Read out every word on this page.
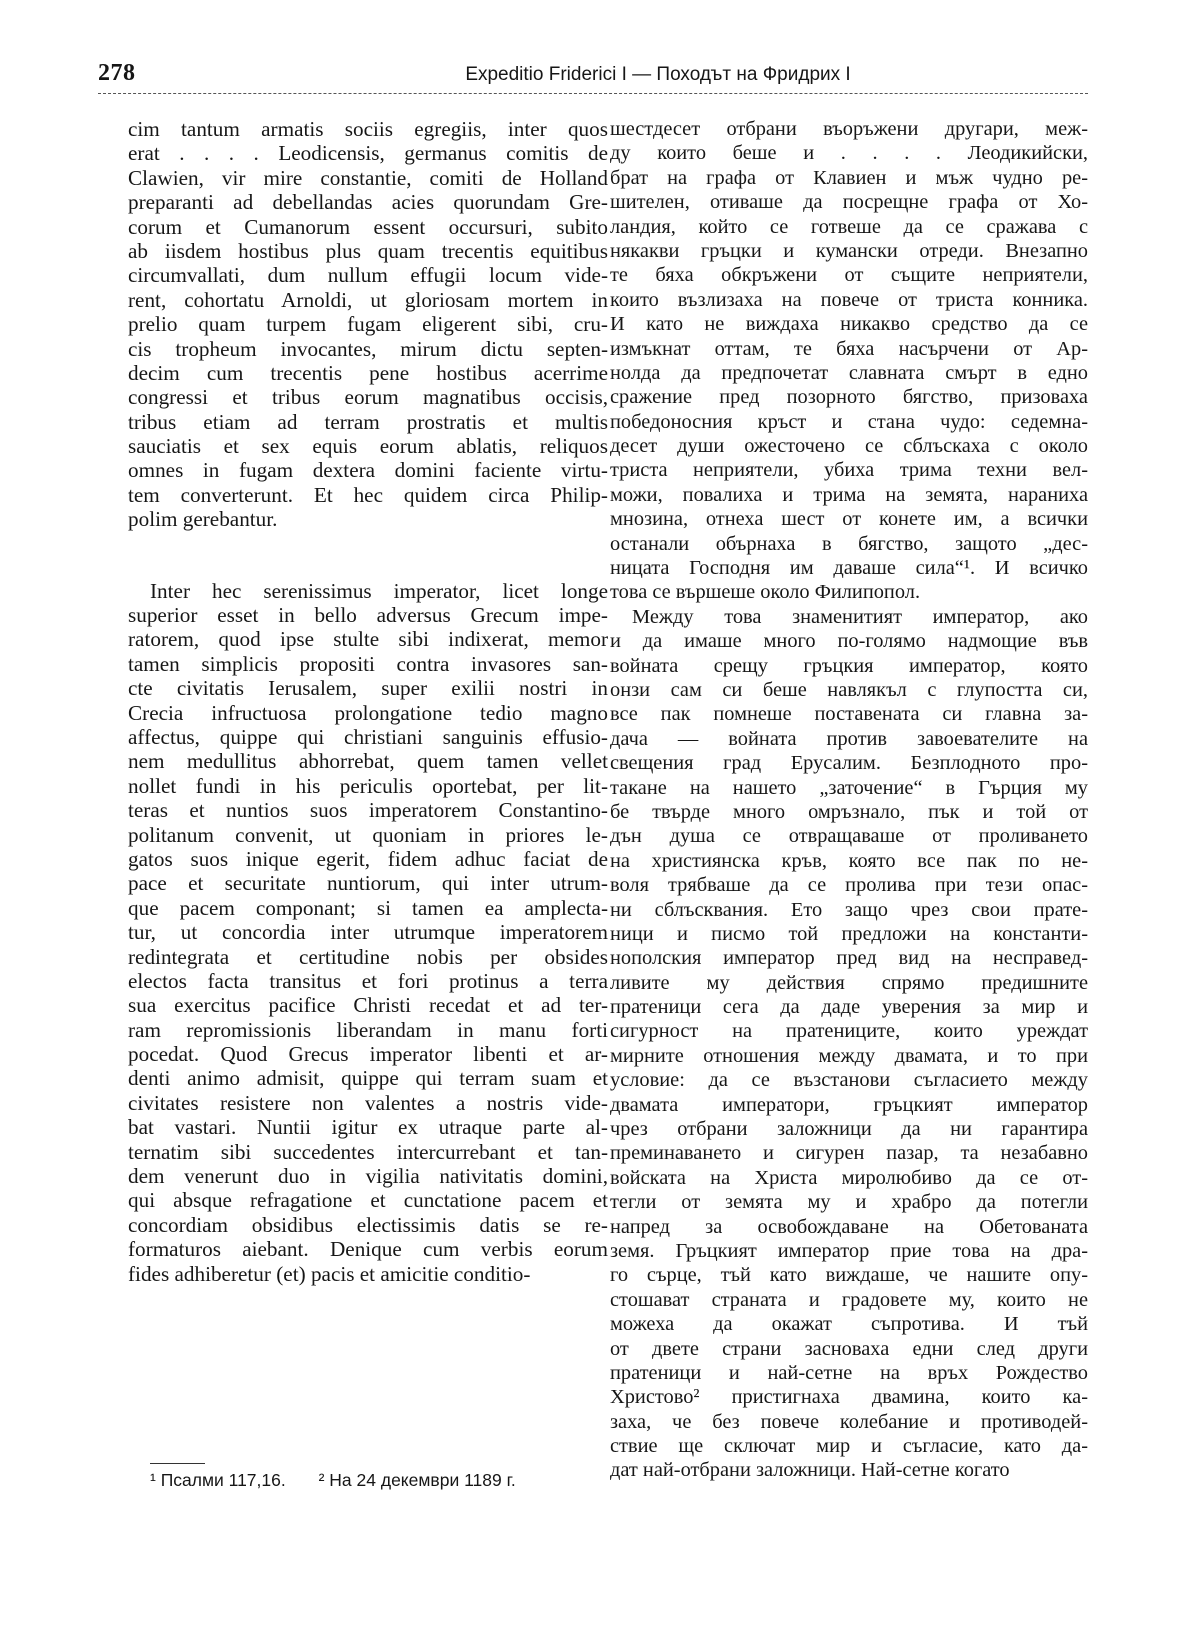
278	Expeditio Friderici I — Походът на Фридрих I
cim tantum armatis sociis egregiis, inter quos
erat . . . . Leodicensis, germanus comitis de
Clawien, vir mire constantie, comiti de Holland
preparanti ad debellandas acies quorundam Gre-
corum et Cumanorum essent occursuri, subito
ab iisdem hostibus plus quam trecentis equitibus
circumvallati, dum nullum effugii locum vide-
rent, cohortatu Arnoldi, ut gloriosam mortem in
prelio quam turpem fugam eligerent sibi, cru-
cis tropheum invocantes, mirum dictu septen-
decim cum trecentis pene hostibus acerrime
congressi et tribus eorum magnatibus occisis,
tribus etiam ad terram prostratis et multis
sauciatis et sex equis eorum ablatis, reliquos
omnes in fugam dextera domini faciente virtu-
tem converterunt. Et hec quidem circa Philip-
polim gerebantur.
Inter hec serenissimus imperator, licet longe
superior esset in bello adversus Grecum impe-
ratorem, quod ipse stulte sibi indixerat, memor
tamen simplicis propositi contra invasores san-
cte civitatis Ierusalem, super exilii nostri in
Crecia infructuosa prolongatione tedio magno
affectus, quippe qui christiani sanguinis effusio-
nem medullitus abhorrebat, quem tamen vellet
nollet fundi in his periculis oportebat, per lit-
teras et nuntios suos imperatorem Constantino-
politanum convenit, ut quoniam in priores le-
gatos suos inique egerit, fidem adhuc faciat de
pace et securitate nuntiorum, qui inter utrum-
que pacem componant; si tamen ea amplecta-
tur, ut concordia inter utrumque imperatorem
redintegrata et certitudine nobis per obsides
electos facta transitus et fori protinus a terra
sua exercitus pacifice Christi recedat et ad ter-
ram repromissionis liberandam in manu forti
pocedat. Quod Grecus imperator libenti et ar-
denti animo admisit, quippe qui terram suam et
civitates resistere non valentes a nostris vide-
bat vastari. Nuntii igitur ex utraque parte al-
ternatim sibi succedentes intercurrebant et tan-
dem venerunt duo in vigilia nativitatis domini,
qui absque refragatione et cunctatione pacem et
concordiam obsidibus electissimis datis se re-
formaturos aiebant. Denique cum verbis eorum
fides adhiberetur (et) pacis et amicitie conditio-
шестдесет отбрани въоръжени другари, меж-
ду които беше и . . . . Леодикийски,
брат на графа от Клавиен и мъж чудно ре-
шителен, отиваше да посрещне графа от Хо-
ландия, който се готвеше да се сражава с
някакви гръцки и кумански отреди. Внезапно
те бяха обкръжени от същите неприятели,
които възлизаха на повече от триста конника.
И като не виждаха никакво средство да се
измъкнат оттам, те бяха насърчени от Ар-
нолда да предпочетат славната смърт в едно
сражение пред позорното бягство, призоваха
победоносния кръст и стана чудо: седемна-
десет души ожесточено се сблъскаха с около
триста неприятели, убиха трима техни вел-
можи, повалиха и трима на земята, нараниха
мнозина, отнеха шест от конете им, а всички
останали обърнаха в бягство, защото „дес-
ницата Господня им даваше сила“¹. И всичко
това се вършеше около Филипопол.
Между това знаменитият император, ако
и да имаше много по-голямо надмощие във
войната срещу гръцкия император, която
онзи сам си беше навлякъл с глупостта си,
все пак помнеше поставената си главна за-
дача — войната против завоевателите на
свещения град Ерусалим. Безплодното про-
такане на нашето „заточение“ в Гърция му
бе твърде много омръзнало, пък и той от
дън душа се отвращаваше от проливането
на християнска кръв, която все пак по не-
воля трябваше да се пролива при тези опас-
ни сблъсквания. Ето защо чрез свои прате-
ници и писмо той предложи на константи-
нополския император пред вид на несправед-
ливите му действия спрямо предишните
пратеници сега да даде уверения за мир и
сигурност на пратениците, които уреждат
мирните отношения между двамата, и то при
условие: да се възстанови съгласието между
двамата императори, гръцкият император
чрез отбрани заложници да ни гарантира
преминаването и сигурен пазар, та незабавно
войската на Христа миролюбиво да се от-
тегли от земята му и храбро да потегли
напред за освобождаване на Обетованата
земя. Гръцкият император прие това на дра-
го сърце, тъй като виждаше, че нашите опу-
стошават страната и градовете му, които не
можеха да окажат съпротива. И тъй
от двете страни засноваха едни след други
пратеници и най-сетне на връх Рождество
Христово² пристигнаха двамина, които ка-
заха, че без повече колебание и противодей-
ствие ще сключат мир и съгласие, като да-
дат най-отбрани заложници. Най-сетне когато
¹ Псалми 117,16. ² На 24 декември 1189 г.
